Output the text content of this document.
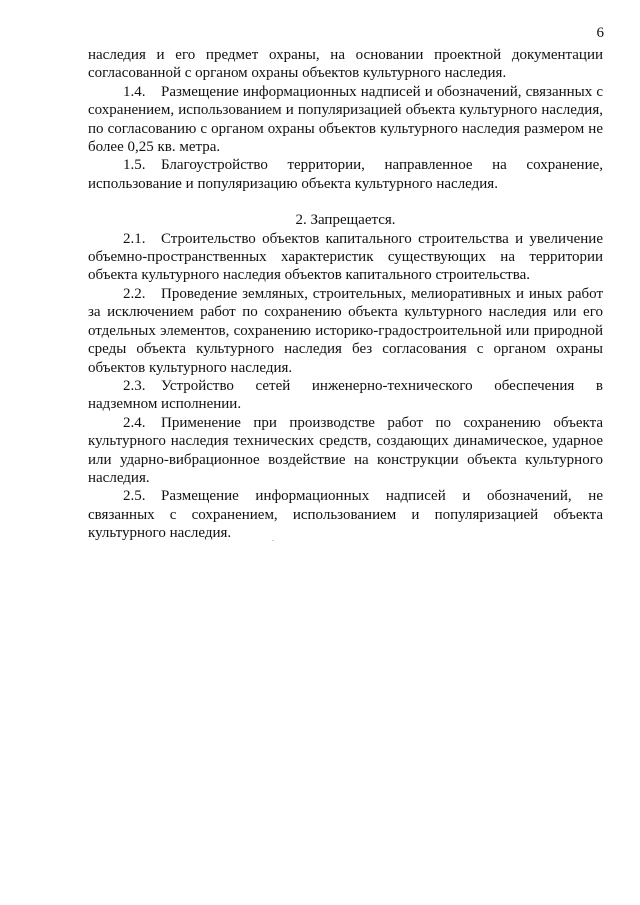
6

наследия и его предмет охраны, на основании проектной документации согласованной с органом охраны объектов культурного наследия.

1.4. Размещение информационных надписей и обозначений, связанных с сохранением, использованием и популяризацией объекта культурного наследия, по согласованию с органом охраны объектов культурного наследия размером не более 0,25 кв. метра.

1.5. Благоустройство территории, направленное на сохранение, использование и популяризацию объекта культурного наследия.

2. Запрещается.

2.1. Строительство объектов капитального строительства и увеличение объемно-пространственных характеристик существующих на территории объекта культурного наследия объектов капитального строительства.

2.2. Проведение земляных, строительных, мелиоративных и иных работ за исключением работ по сохранению объекта культурного наследия или его отдельных элементов, сохранению историко-градостроительной или природной среды объекта культурного наследия без согласования с органом охраны объектов культурного наследия.

2.3. Устройство сетей инженерно-технического обеспечения в надземном исполнении.

2.4. Применение при производстве работ по сохранению объекта культурного наследия технических средств, создающих динамическое, ударное или ударно-вибрационное воздействие на конструкции объекта культурного наследия.

2.5. Размещение информационных надписей и обозначений, не связанных с сохранением, использованием и популяризацией объекта культурного наследия.
